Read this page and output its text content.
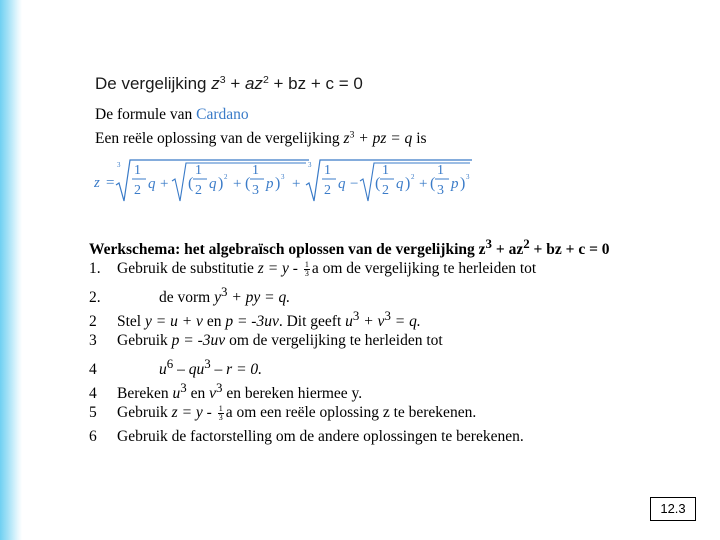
De vergelijking $z^3 + az^2$ + bz + c = 0
De formule van Cardano
Een reële oplossing van de vergelijking $z^3$ + pz = q is
z =
3 1
2 q + (
1
2 q ) 2 + (
1
3 p ) 3 +
3 1
2 q − (
1
2 q ) 2 + (
1
3 p ) 3
Werkschema: het algebraïsch oplossen van de vergelijking $z^3 + az^2$ + bz + c = 0
1. Gebruik de substitutie $z = y - \frac{1}{3}$ a om de vergelijking te herleiden tot
2.	de vorm $y^3$ + py = q.
2 Stel y = u + v en p = -3uv. Dit geeft $u^3 + v^3 = q$.
3 Gebruik p = -3uv om de vergelijking te herleiden tot
4	$u^6 - qu^3 - r = 0$.
4 Bereken $u^3$ en $v^3$ en bereken hiermee y.
5 Gebruik $z = y - \frac{1}{3}$ a om een reële oplossing z te berekenen.
6 Gebruik de factorstelling om de andere oplossingen te berekenen.
12.3
